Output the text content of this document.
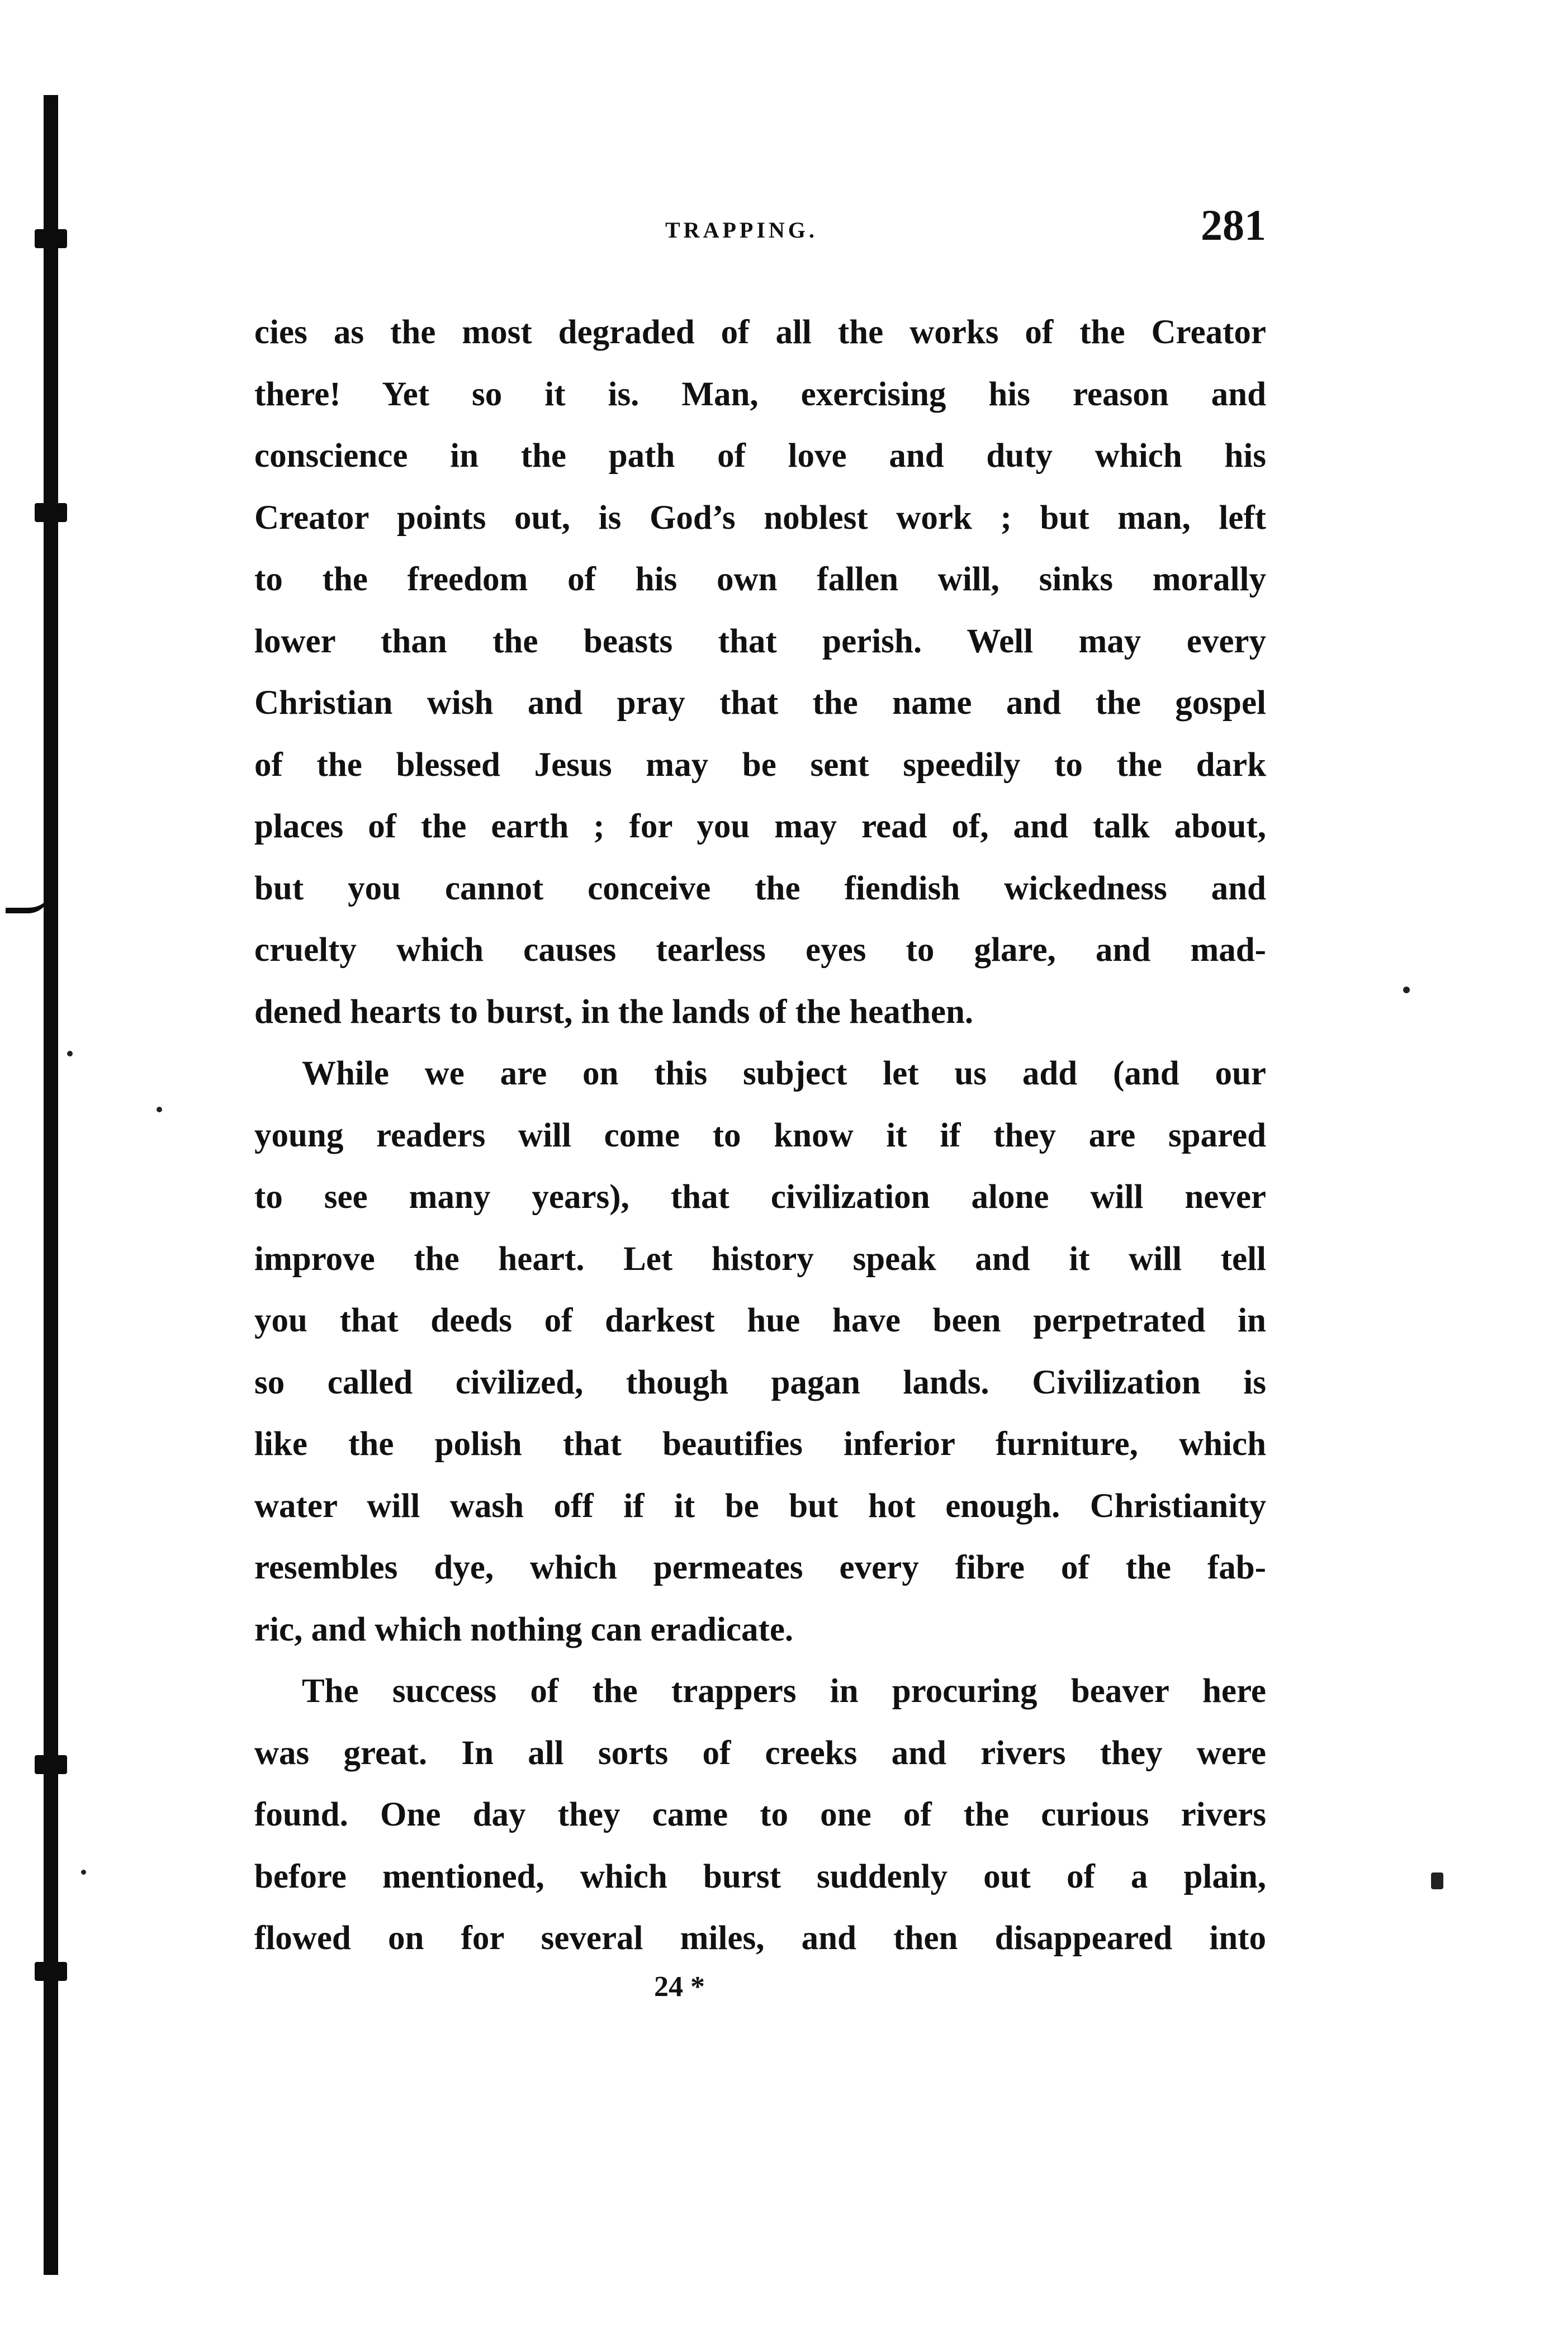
TRAPPING.	281
cies as the most degraded of all the works of the Creator
there! Yet so it is. Man, exercising his reason and
conscience in the path of love and duty which his
Creator points out, is God’s noblest work ; but man, left
to the freedom of his own fallen will, sinks morally
lower than the beasts that perish. Well may every
Christian wish and pray that the name and the gospel
of the blessed Jesus may be sent speedily to the dark
places of the earth ; for you may read of, and talk about,
but you cannot conceive the fiendish wickedness and
cruelty which causes tearless eyes to glare, and mad-
dened hearts to burst, in the lands of the heathen.
While we are on this subject let us add (and our
young readers will come to know it if they are spared
to see many years), that civilization alone will never
improve the heart. Let history speak and it will tell
you that deeds of darkest hue have been perpetrated in
so called civilized, though pagan lands. Civilization is
like the polish that beautifies inferior furniture, which
water will wash off if it be but hot enough. Christianity
resembles dye, which permeates every fibre of the fab-
ric, and which nothing can eradicate.
The success of the trappers in procuring beaver here
was great. In all sorts of creeks and rivers they were
found. One day they came to one of the curious rivers
before mentioned, which burst suddenly out of a plain,
flowed on for several miles, and then disappeared into
24 *
